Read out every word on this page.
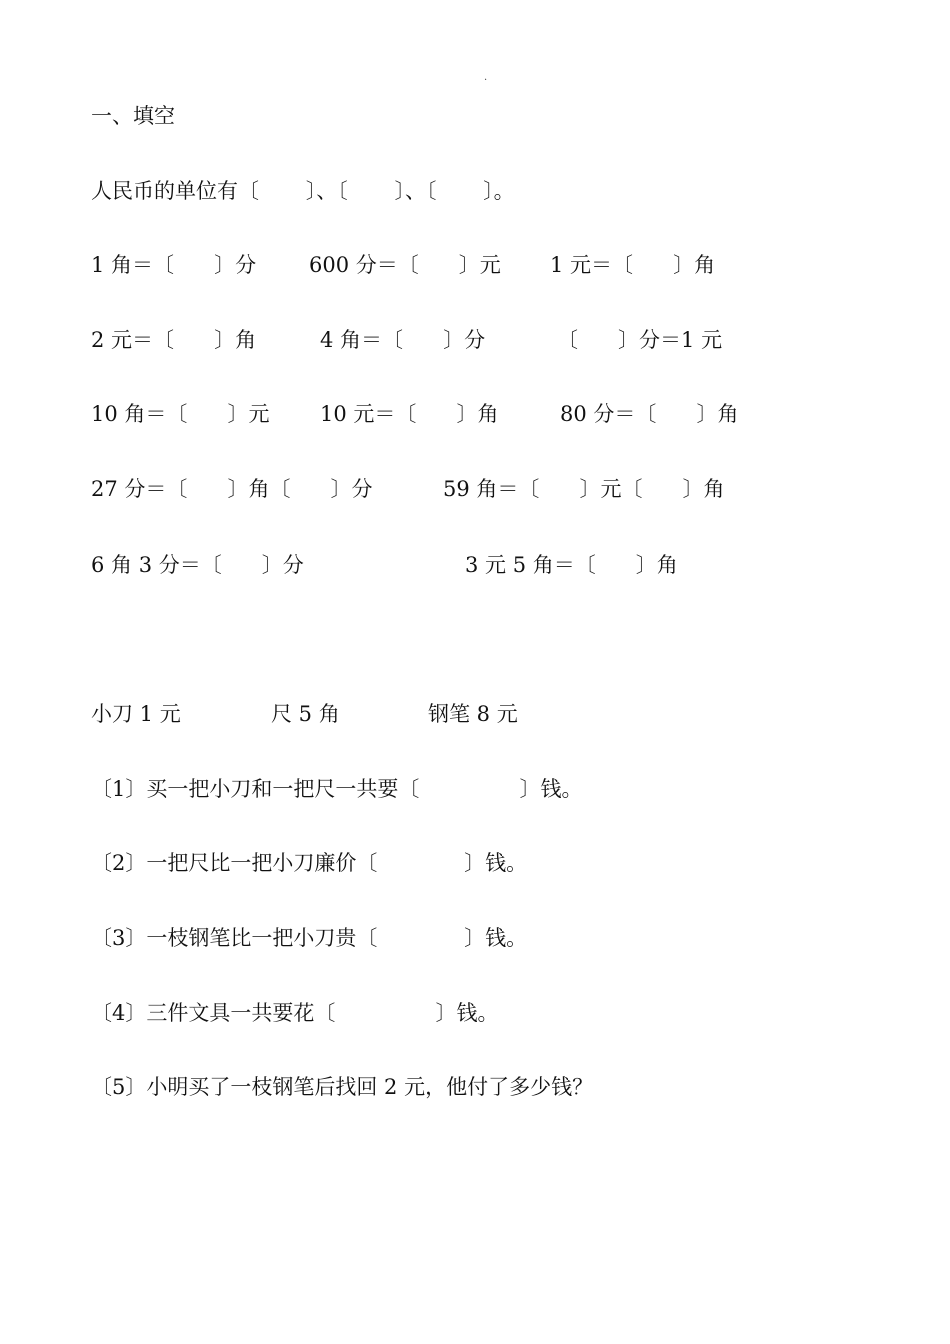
.

一、填空

人民币的单位有〔       〕、〔       〕、〔       〕。

1 角＝〔      〕分

	600 分＝〔      〕元

1 元＝〔      〕角

2 元＝〔      〕角

	4 角＝〔      〕分

	〔      〕分＝1 元

10 角＝〔      〕元

10 元＝〔      〕角

	80 分＝〔      〕角

27 分＝〔      〕角〔      〕分

	59 角＝〔      〕元〔      〕角

6 角 3 分＝〔      〕分

	3 元 5 角＝〔      〕角

小刀 1 元

	尺 5 角

	钢笔 8 元

〔1〕买一把小刀和一把尺一共要〔               〕钱。

〔2〕一把尺比一把小刀廉价〔             〕钱。

〔3〕一枝钢笔比一把小刀贵〔             〕钱。

〔4〕三件文具一共要花〔               〕钱。

〔5〕小明买了一枝钢笔后找回 2 元，他付了多少钱？
